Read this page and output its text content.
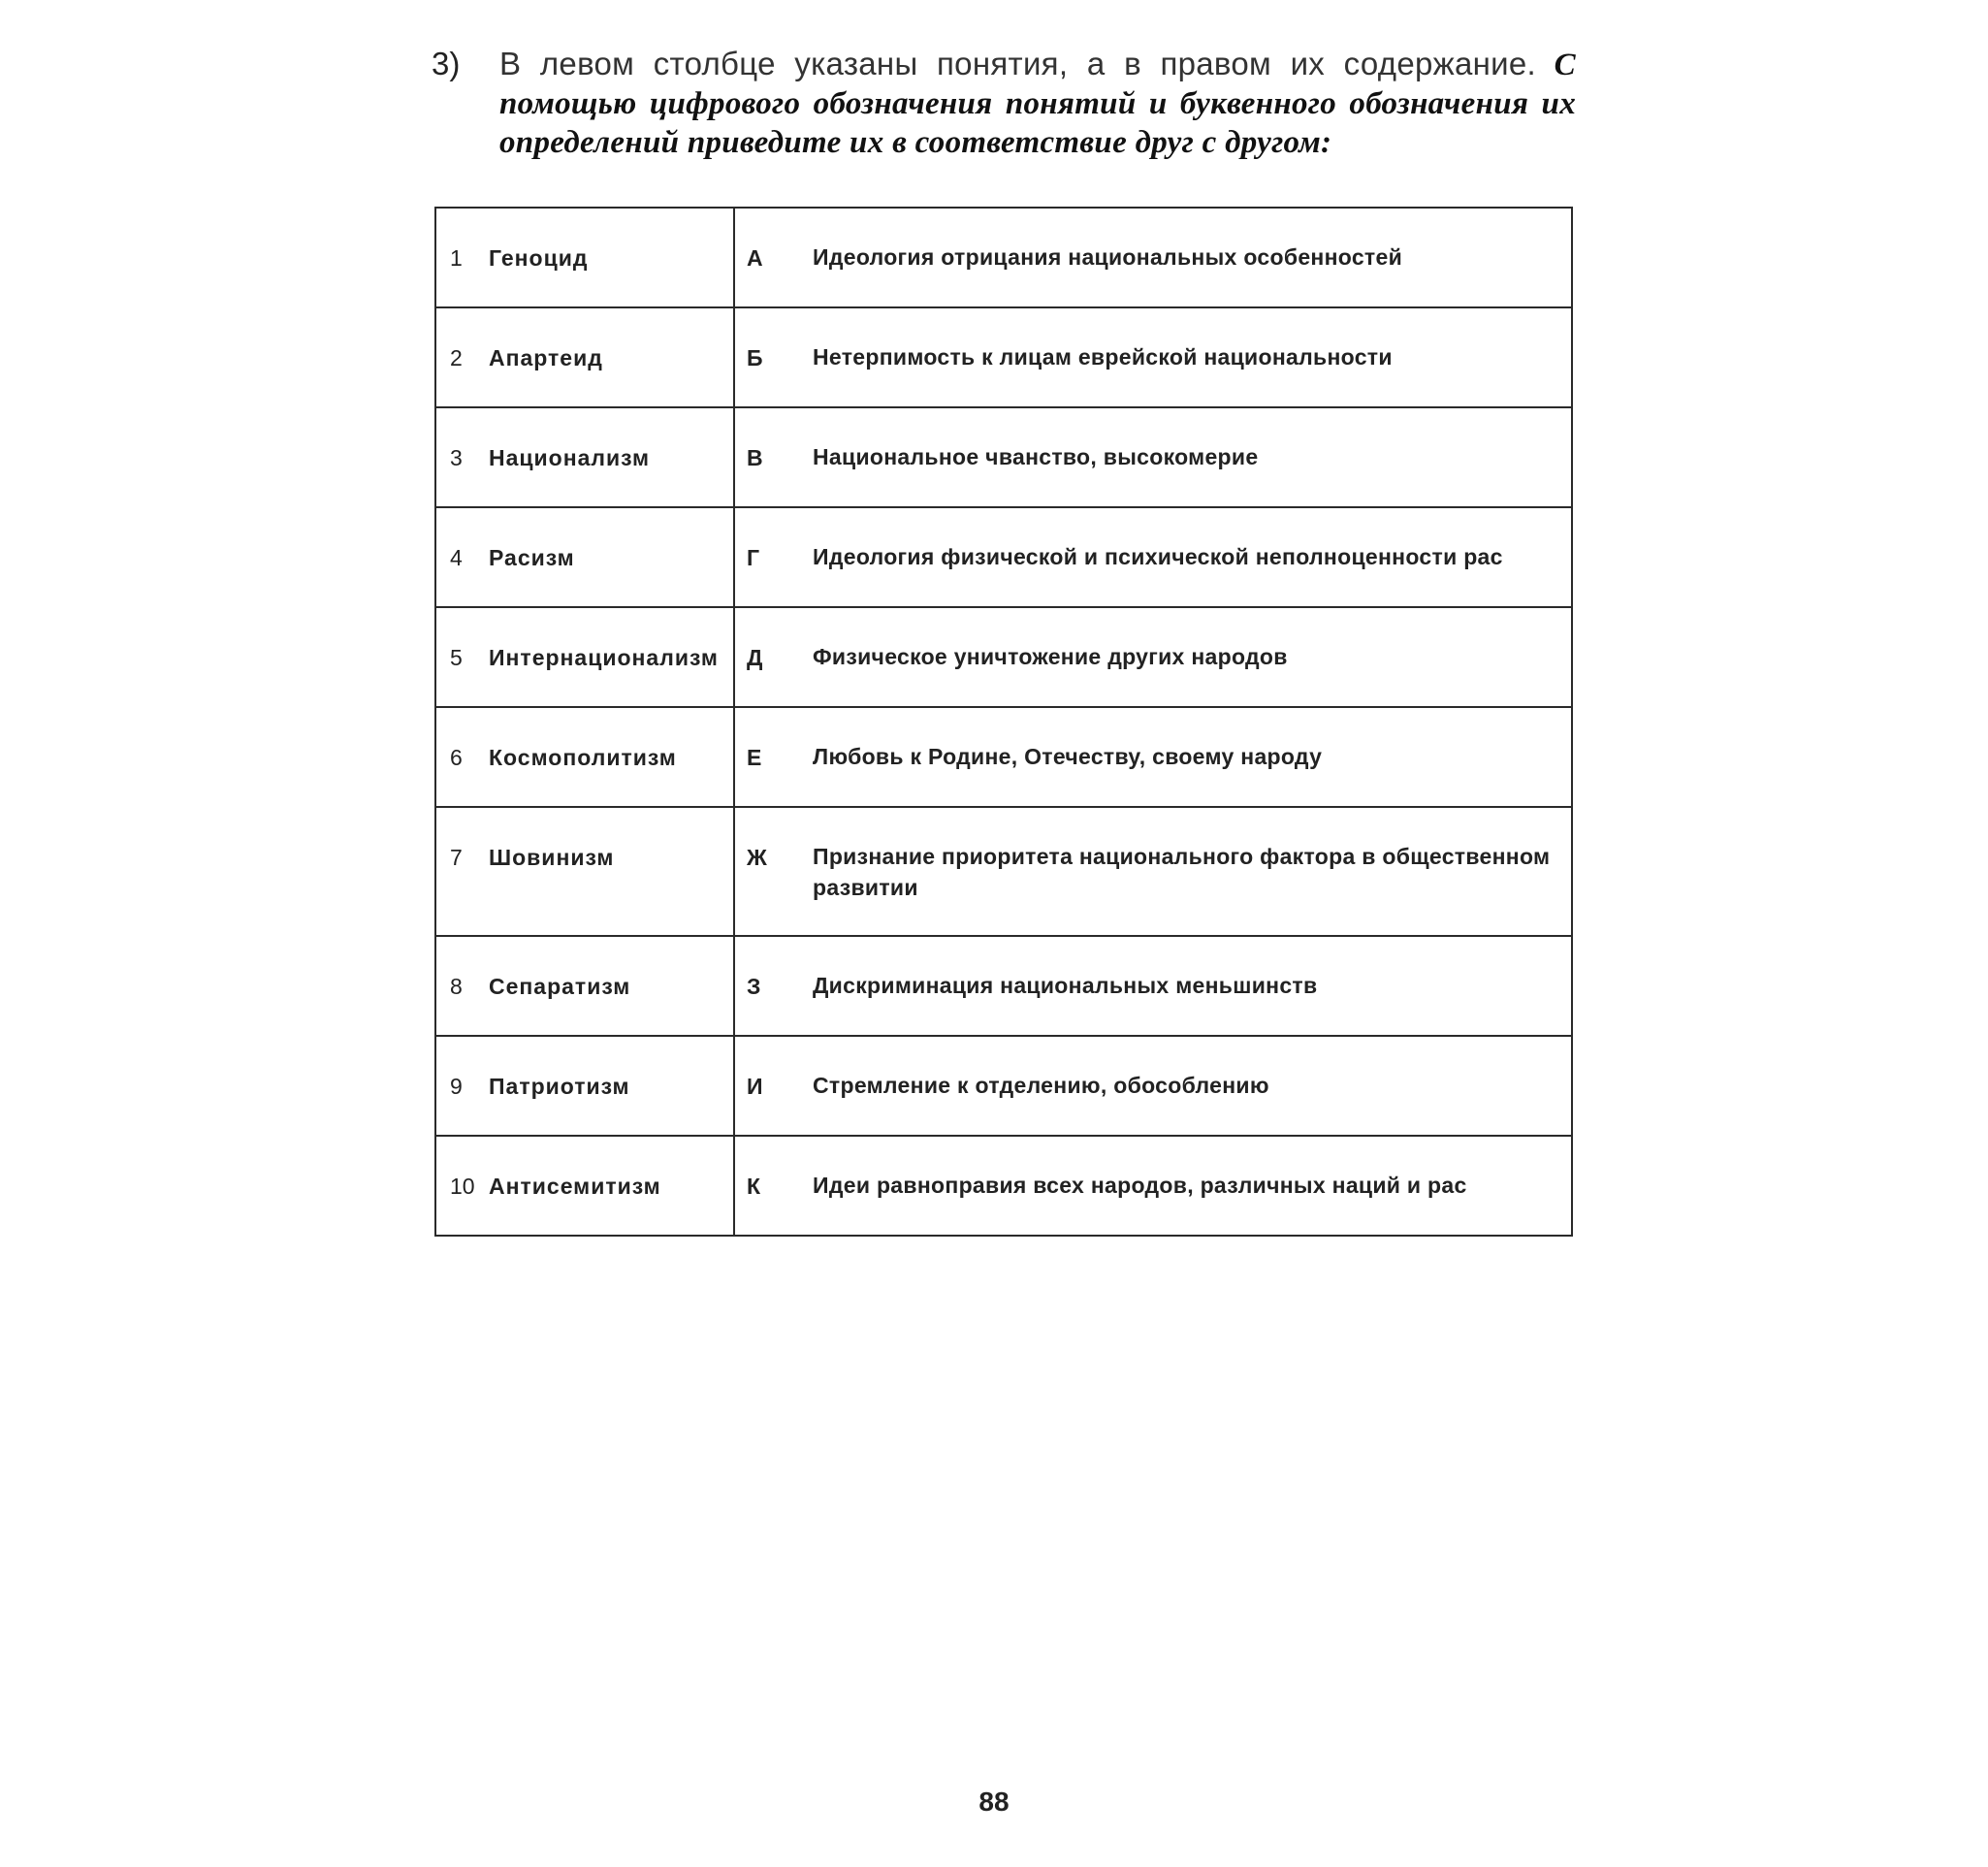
3) В левом столбце указаны понятия, а в правом их содержание. С помощью цифрового обозначения понятий и буквенного обозначения их определений приведите их в соответствие друг с другом:
1 Геноцид	А Идеология отрицания национальных особенностей

2 Апартеид	Б Нетерпимость к лицам еврейской национальности

3 Национализм	В Национальное чванство, высокомерие

4 Расизм	Г Идеология физической и психической неполноценности рас

5 Интернационализм	Д Физическое уничтожение других народов

6 Космополитизм	Е Любовь к Родине, Отечеству, своему народу

7 Шовинизм	Ж Признание приоритета национального фактора в общественном развитии

8 Сепаратизм	З Дискриминация национальных меньшинств

9 Патриотизм	И Стремление к отделению, обособлению

10 Антисемитизм	К Идеи равноправия всех народов, различных наций и рас
88
